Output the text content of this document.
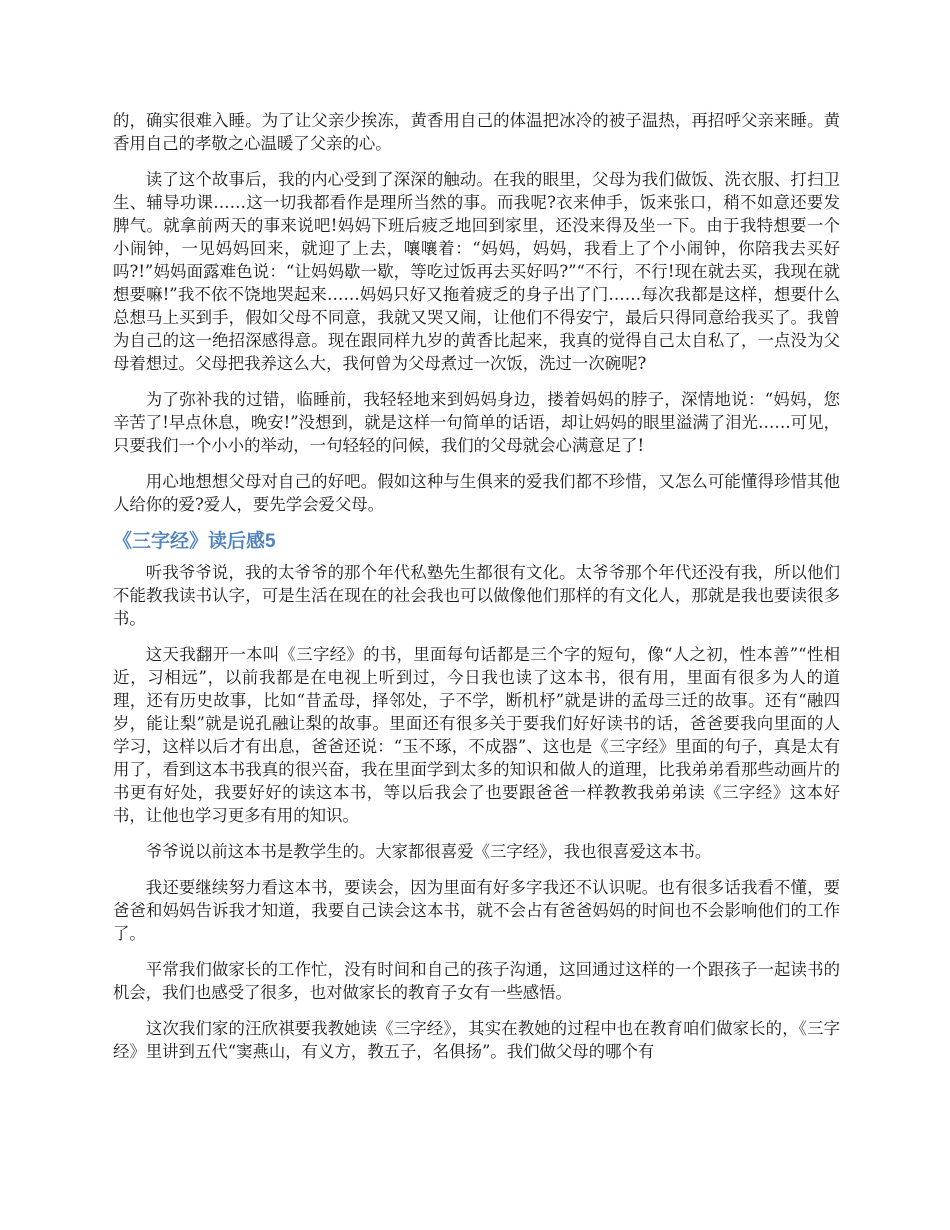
的，确实很难入睡。为了让父亲少挨冻，黄香用自己的体温把冰冷的被子温热，再招呼父亲来睡。黄香用自己的孝敬之心温暖了父亲的心。

读了这个故事后，我的内心受到了深深的触动。在我的眼里，父母为我们做饭、洗衣服、打扫卫生、辅导功课……这一切我都看作是理所当然的事。而我呢?衣来伸手，饭来张口，稍不如意还要发脾气。就拿前两天的事来说吧!妈妈下班后疲乏地回到家里，还没来得及坐一下。由于我特想要一个小闹钟，一见妈妈回来，就迎了上去，嚷嚷着：“妈妈，妈妈，我看上了个小闹钟，你陪我去买好吗?!”妈妈面露难色说：“让妈妈歇一歇，等吃过饭再去买好吗?”“不行，不行!现在就去买，我现在就想要嘛!”我不依不饶地哭起来……妈妈只好又拖着疲乏的身子出了门……每次我都是这样，想要什么总想马上买到手，假如父母不同意，我就又哭又闹，让他们不得安宁，最后只得同意给我买了。我曾为自己的这一绝招深感得意。现在跟同样九岁的黄香比起来，我真的觉得自己太自私了，一点没为父母着想过。父母把我养这么大，我何曾为父母煮过一次饭，洗过一次碗呢?

为了弥补我的过错，临睡前，我轻轻地来到妈妈身边，搂着妈妈的脖子，深情地说：“妈妈，您辛苦了!早点休息，晚安!”没想到，就是这样一句简单的话语，却让妈妈的眼里溢满了泪光……可见，只要我们一个小小的举动，一句轻轻的问候，我们的父母就会心满意足了!

用心地想想父母对自己的好吧。假如这种与生俱来的爱我们都不珍惜，又怎么可能懂得珍惜其他人给你的爱?爱人，要先学会爱父母。

《三字经》读后感5

听我爷爷说，我的太爷爷的那个年代私塾先生都很有文化。太爷爷那个年代还没有我，所以他们不能教我读书认字，可是生活在现在的社会我也可以做像他们那样的有文化人，那就是我也要读很多书。

这天我翻开一本叫《三字经》的书，里面每句话都是三个字的短句，像“人之初，性本善”“性相近，习相远”，以前我都是在电视上听到过，今日我也读了这本书，很有用，里面有很多为人的道理，还有历史故事，比如“昔孟母，择邻处，子不学，断机杼”就是讲的孟母三迁的故事。还有“融四岁，能让梨”就是说孔融让梨的故事。里面还有很多关于要我们好好读书的话，爸爸要我向里面的人学习，这样以后才有出息，爸爸还说：“玉不琢，不成器”、这也是《三字经》里面的句子，真是太有用了，看到这本书我真的很兴奋，我在里面学到太多的知识和做人的道理，比我弟弟看那些动画片的书更有好处，我要好好的读这本书，等以后我会了也要跟爸爸一样教教我弟弟读《三字经》这本好书，让他也学习更多有用的知识。

爷爷说以前这本书是教学生的。大家都很喜爱《三字经》，我也很喜爱这本书。

我还要继续努力看这本书，要读会，因为里面有好多字我还不认识呢。也有很多话我看不懂，要爸爸和妈妈告诉我才知道，我要自己读会这本书，就不会占有爸爸妈妈的时间也不会影响他们的工作了。

平常我们做家长的工作忙，没有时间和自己的孩子沟通，这回通过这样的一个跟孩子一起读书的机会，我们也感受了很多，也对做家长的教育子女有一些感悟。

这次我们家的汪欣祺要我教她读《三字经》，其实在教她的过程中也在教育咱们做家长的，《三字经》里讲到五代“窦燕山，有义方，教五子，名俱扬”。我们做父母的哪个有
